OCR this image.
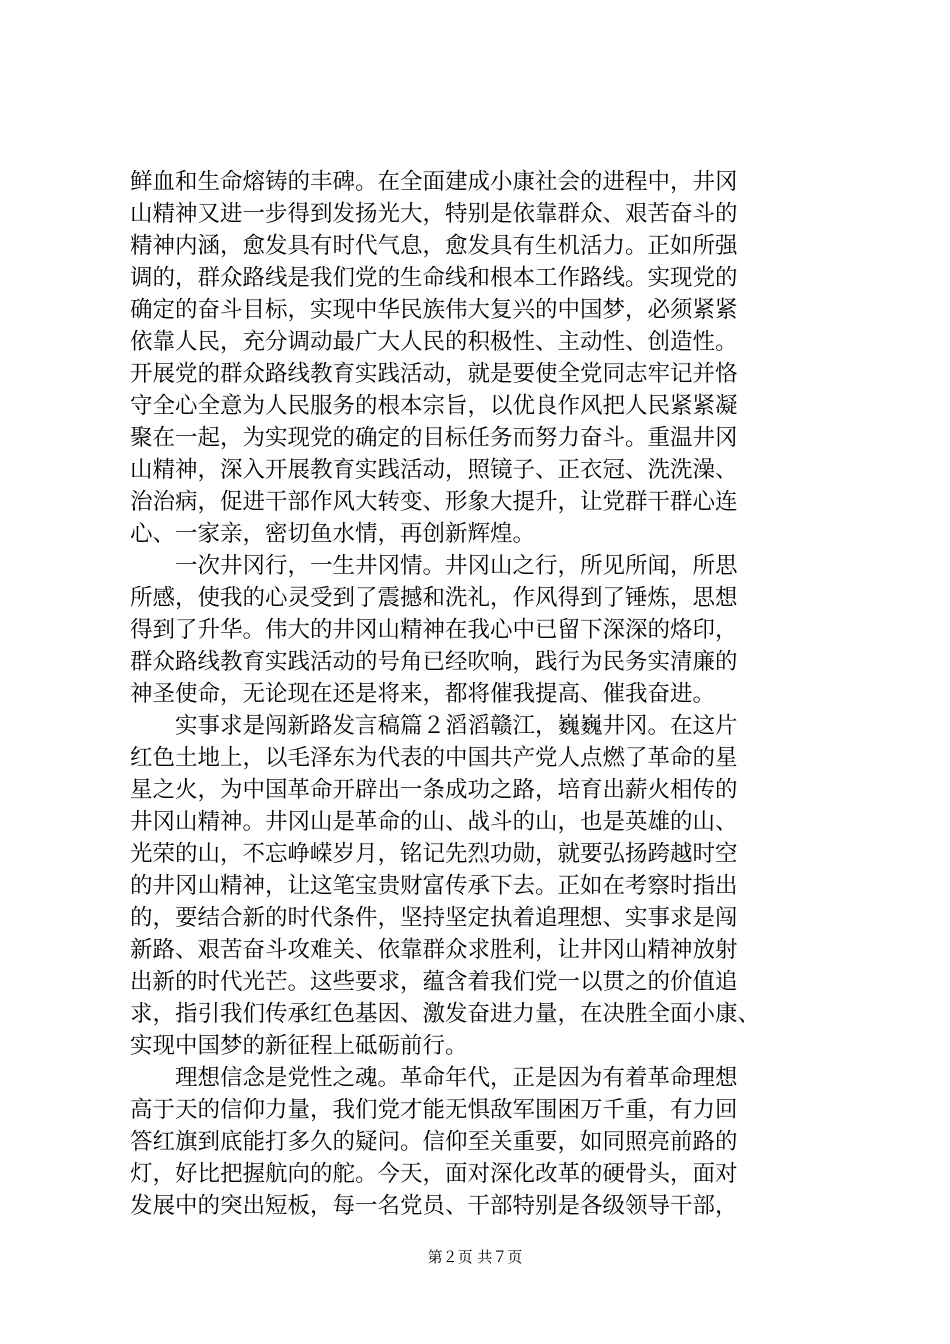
鲜血和生命熔铸的丰碑。在全面建成小康社会的进程中，井冈
山精神又进一步得到发扬光大，特别是依靠群众、艰苦奋斗的
精神内涵，愈发具有时代气息，愈发具有生机活力。正如所强
调的，群众路线是我们党的生命线和根本工作路线。实现党的
确定的奋斗目标，实现中华民族伟大复兴的中国梦，必须紧紧
依靠人民，充分调动最广大人民的积极性、主动性、创造性。
开展党的群众路线教育实践活动，就是要使全党同志牢记并恪
守全心全意为人民服务的根本宗旨，以优良作风把人民紧紧凝
聚在一起，为实现党的确定的目标任务而努力奋斗。重温井冈
山精神，深入开展教育实践活动，照镜子、正衣冠、洗洗澡、
治治病，促进干部作风大转变、形象大提升，让党群干群心连
心、一家亲，密切鱼水情，再创新辉煌。
　　一次井冈行，一生井冈情。井冈山之行，所见所闻，所思
所感，使我的心灵受到了震撼和洗礼，作风得到了锤炼，思想
得到了升华。伟大的井冈山精神在我心中已留下深深的烙印，
群众路线教育实践活动的号角已经吹响，践行为民务实清廉的
神圣使命，无论现在还是将来，都将催我提高、催我奋进。
　　实事求是闯新路发言稿篇２滔滔赣江，巍巍井冈。在这片
红色土地上，以毛泽东为代表的中国共产党人点燃了革命的星
星之火，为中国革命开辟出一条成功之路，培育出薪火相传的
井冈山精神。井冈山是革命的山、战斗的山，也是英雄的山、
光荣的山，不忘峥嵘岁月，铭记先烈功勋，就要弘扬跨越时空
的井冈山精神，让这笔宝贵财富传承下去。正如在考察时指出
的，要结合新的时代条件，坚持坚定执着追理想、实事求是闯
新路、艰苦奋斗攻难关、依靠群众求胜利，让井冈山精神放射
出新的时代光芒。这些要求，蕴含着我们党一以贯之的价值追
求，指引我们传承红色基因、激发奋进力量，在决胜全面小康、
实现中国梦的新征程上砥砺前行。
　　理想信念是党性之魂。革命年代，正是因为有着革命理想
高于天的信仰力量，我们党才能无惧敌军围困万千重，有力回
答红旗到底能打多久的疑问。信仰至关重要，如同照亮前路的
灯，好比把握航向的舵。今天，面对深化改革的硬骨头，面对
发展中的突出短板，每一名党员、干部特别是各级领导干部，
第２页 共７页
